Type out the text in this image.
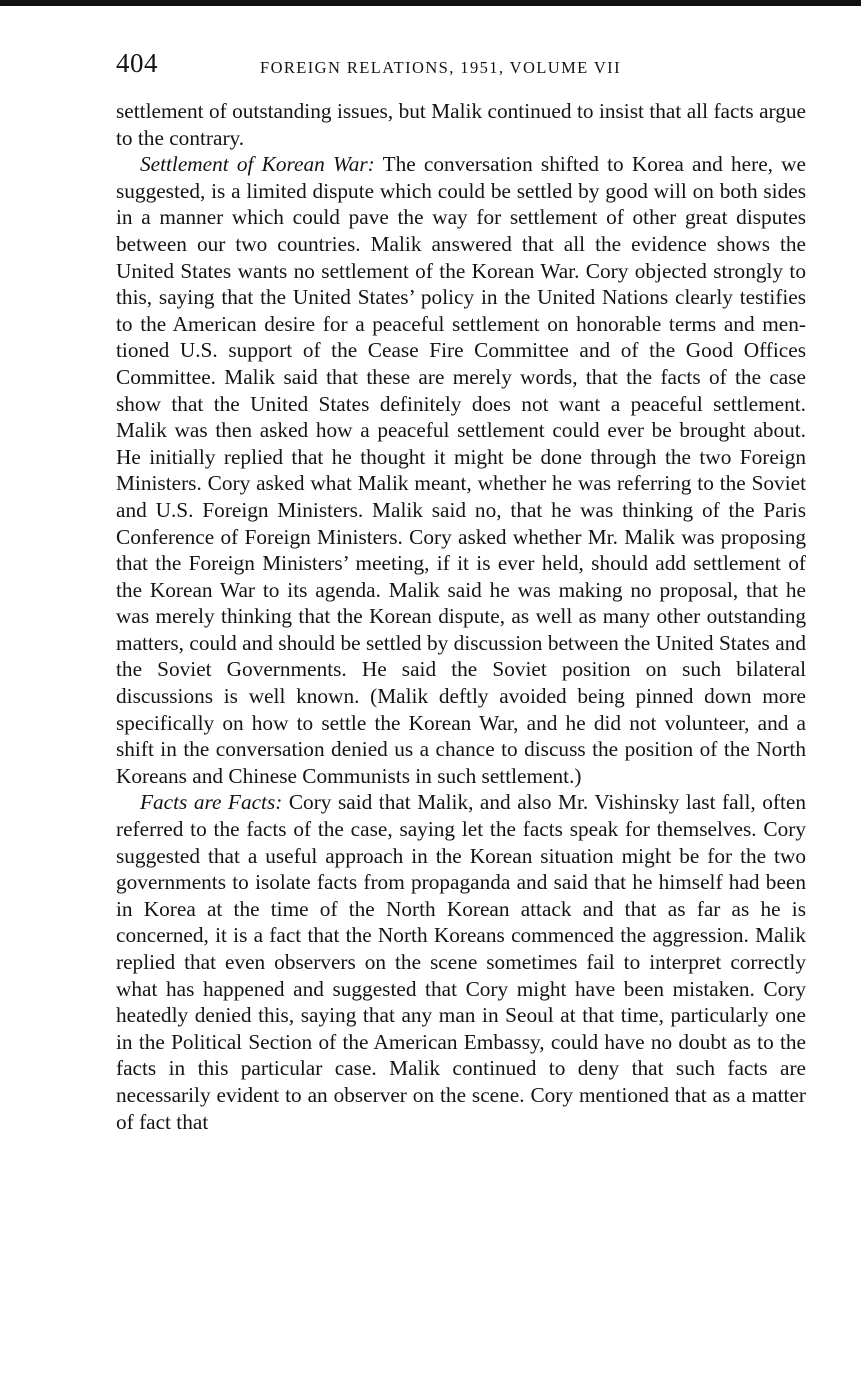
404	FOREIGN RELATIONS, 1951, VOLUME VII

settlement of outstanding issues, but Malik continued to insist that all facts argue to the contrary.

Settlement of Korean War: The conversation shifted to Korea and here, we suggested, is a limited dispute which could be settled by good will on both sides in a manner which could pave the way for settlement of other great disputes between our two countries. Malik answered that all the evidence shows the United States wants no settlement of the Korean War. Cory objected strongly to this, saying that the United States’ policy in the United Nations clearly testifies to the American desire for a peaceful settlement on honorable terms and mentioned U.S. support of the Cease Fire Committee and of the Good Offices Committee. Malik said that these are merely words, that the facts of the case show that the United States definitely does not want a peaceful settlement. Malik was then asked how a peaceful settlement could ever be brought about. He initially replied that he thought it might be done through the two Foreign Ministers. Cory asked what Malik meant, whether he was referring to the Soviet and U.S. Foreign Ministers. Malik said no, that he was thinking of the Paris Conference of Foreign Ministers. Cory asked whether Mr. Malik was proposing that the Foreign Ministers’ meeting, if it is ever held, should add settlement of the Korean War to its agenda. Malik said he was making no proposal, that he was merely thinking that the Korean dispute, as well as many other outstanding matters, could and should be settled by discussion between the United States and the Soviet Governments. He said the Soviet position on such bilateral discussions is well known. (Malik deftly avoided being pinned down more specifically on how to settle the Korean War, and he did not volunteer, and a shift in the conversation denied us a chance to discuss the position of the North Koreans and Chinese Communists in such settlement.)

Facts are Facts: Cory said that Malik, and also Mr. Vishinsky last fall, often referred to the facts of the case, saying let the facts speak for themselves. Cory suggested that a useful approach in the Korean situation might be for the two governments to isolate facts from propaganda and said that he himself had been in Korea at the time of the North Korean attack and that as far as he is concerned, it is a fact that the North Koreans commenced the aggression. Malik replied that even observers on the scene sometimes fail to interpret correctly what has happened and suggested that Cory might have been mistaken. Cory heatedly denied this, saying that any man in Seoul at that time, particularly one in the Political Section of the American Embassy, could have no doubt as to the facts in this particular case. Malik continued to deny that such facts are necessarily evident to an observer on the scene. Cory mentioned that as a matter of fact that
